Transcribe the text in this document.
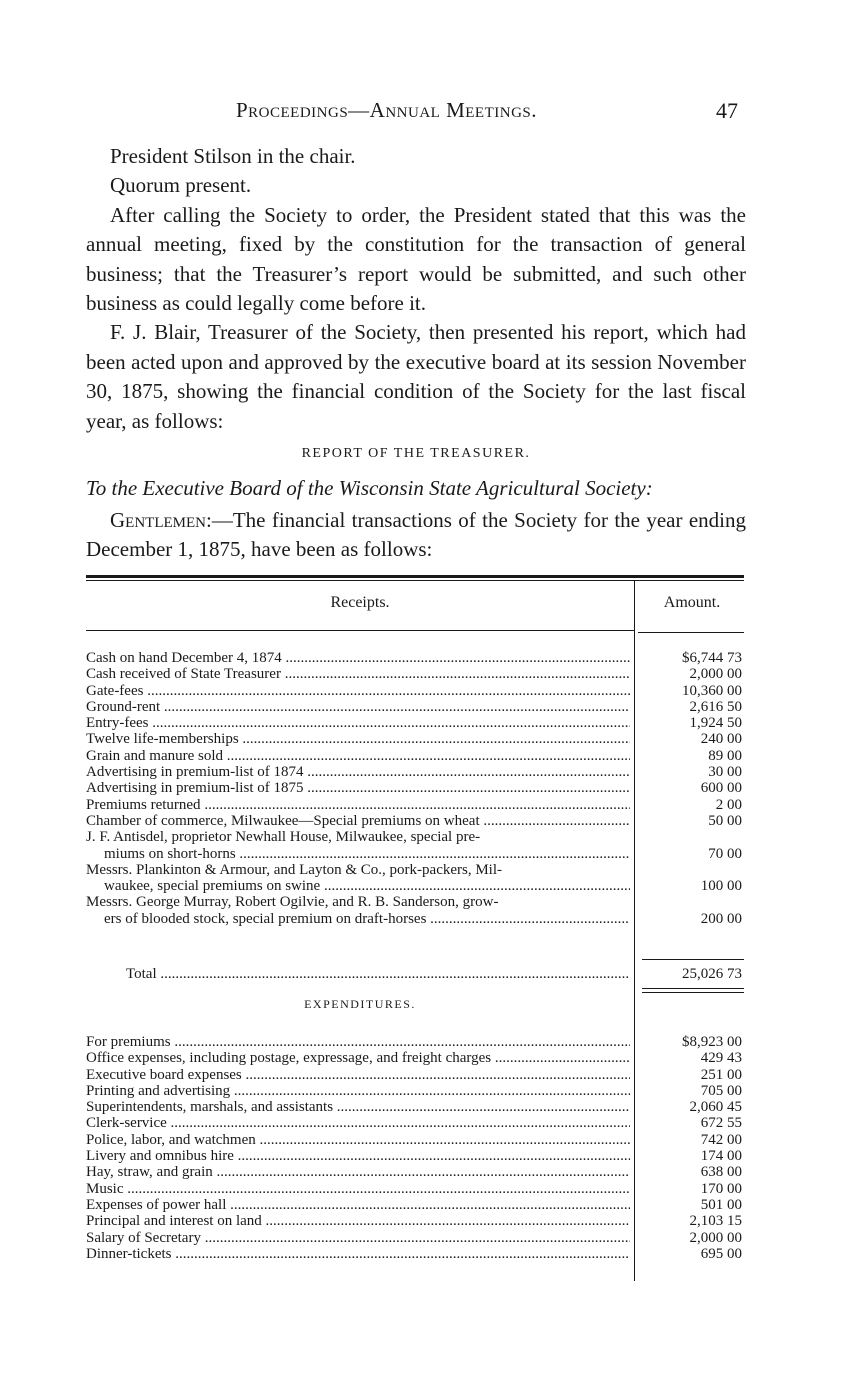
Proceedings—Annual Meetings.	47

President Stilson in the chair.

Quorum present.

After calling the Society to order, the President stated that this was the annual meeting, fixed by the constitution for the transaction of general business; that the Treasurer’s report would be submitted, and such other business as could legally come before it.

F. J. Blair, Treasurer of the Society, then presented his report, which had been acted upon and approved by the executive board at its session November 30, 1875, showing the financial condition of the Society for the last fiscal year, as follows:

REPORT OF THE TREASURER.
To the Executive Board of the Wisconsin State Agricultural Society:

Gentlemen:—The financial transactions of the Society for the year ending December 1, 1875, have been as follows:

Receipts.	Amount.
Cash on hand December 4, 1874 .....	$6,744 73
Cash received of State Treasurer .....	2,000 00
Gate-fees .....	10,360 00
Ground-rent .....	2,616 50
Entry-fees .....	1,924 50
Twelve life-memberships .....	240 00
Grain and manure sold .....	89 00
Advertising in premium-list of 1874 .....	30 00
Advertising in premium-list of 1875 .....	600 00
Premiums returned .....	2 00
Chamber of commerce, Milwaukee—Special premiums on wheat .....	50 00
J. F. Antisdel, proprietor Newhall House, Milwaukee, special pre-
miums on short-horns .....	70 00
Messrs. Plankinton & Armour, and Layton & Co., pork-packers, Mil-
waukee, special premiums on swine .....	100 00
Messrs. George Murray, Robert Ogilvie, and R. B. Sanderson, grow-
ers of blooded stock, special premium on draft-horses .....	200 00
Total .....	25,026 73
EXPENDITURES.
For premiums .....	$8,923 00
Office expenses, including postage, expressage, and freight charges .....	429 43
Executive board expenses .....	251 00
Printing and advertising .....	705 00
Superintendents, marshals, and assistants .....	2,060 45
Clerk-service .....	672 55
Police, labor, and watchmen .....	742 00
Livery and omnibus hire .....	174 00
Hay, straw, and grain .....	638 00
Music .....	170 00
Expenses of power hall .....	501 00
Principal and interest on land .....	2,103 15
Salary of Secretary .....	2,000 00
Dinner-tickets .....	695 00
